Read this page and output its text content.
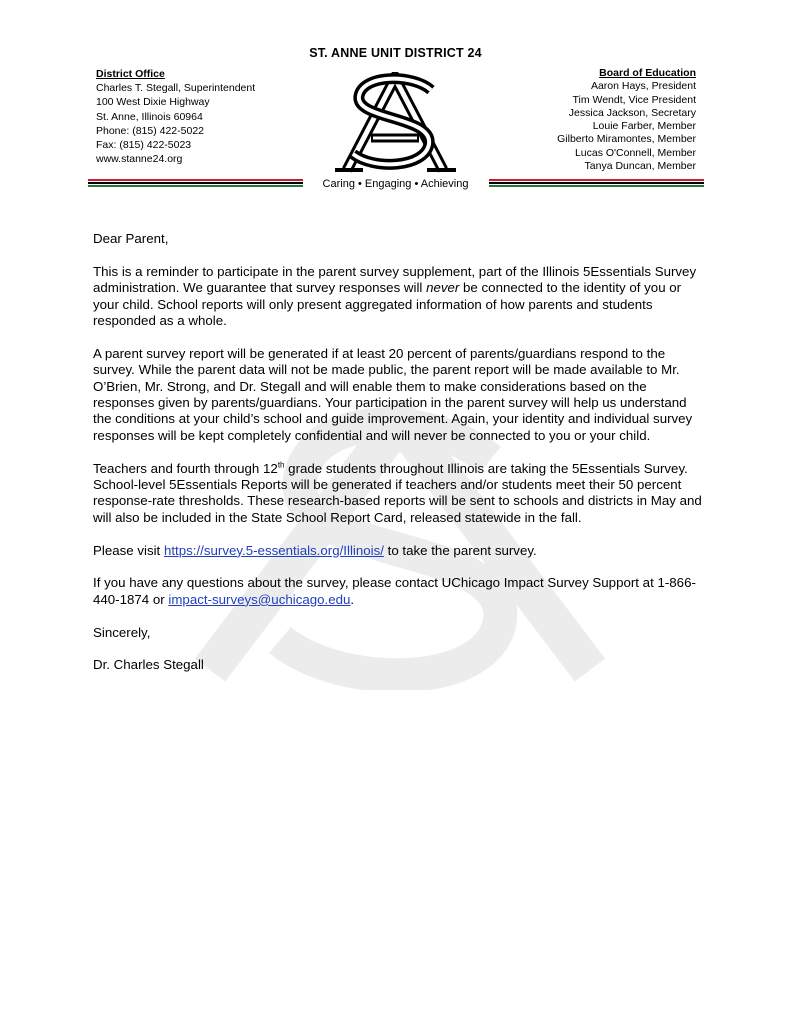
ST. ANNE UNIT DISTRICT 24
District Office
Charles T. Stegall, Superintendent
100 West Dixie Highway
St. Anne, Illinois 60964
Phone: (815) 422-5022
Fax: (815) 422-5023
www.stanne24.org
Board of Education
Aaron Hays, President
Tim Wendt, Vice President
Jessica Jackson, Secretary
Louie Farber, Member
Gilberto Miramontes, Member
Lucas O'Connell, Member
Tanya Duncan, Member
Caring • Engaging • Achieving

Dear Parent,

This is a reminder to participate in the parent survey supplement, part of the Illinois 5Essentials Survey administration. We guarantee that survey responses will never be connected to the identity of you or your child. School reports will only present aggregated information of how parents and students responded as a whole.

A parent survey report will be generated if at least 20 percent of parents/guardians respond to the survey. While the parent data will not be made public, the parent report will be made available to Mr. O’Brien, Mr. Strong, and Dr. Stegall and will enable them to make considerations based on the responses given by parents/guardians. Your participation in the parent survey will help us understand the conditions at your child’s school and guide improvement. Again, your identity and individual survey responses will be kept completely confidential and will never be connected to you or your child.

Teachers and fourth through 12th grade students throughout Illinois are taking the 5Essentials Survey. School-level 5Essentials Reports will be generated if teachers and/or students meet their 50 percent response-rate thresholds. These research-based reports will be sent to schools and districts in May and will also be included in the State School Report Card, released statewide in the fall.

Please visit https://survey.5-essentials.org/Illinois/ to take the parent survey.

If you have any questions about the survey, please contact UChicago Impact Survey Support at 1-866-440-1874 or impact-surveys@uchicago.edu.

Sincerely,

Dr. Charles Stegall
